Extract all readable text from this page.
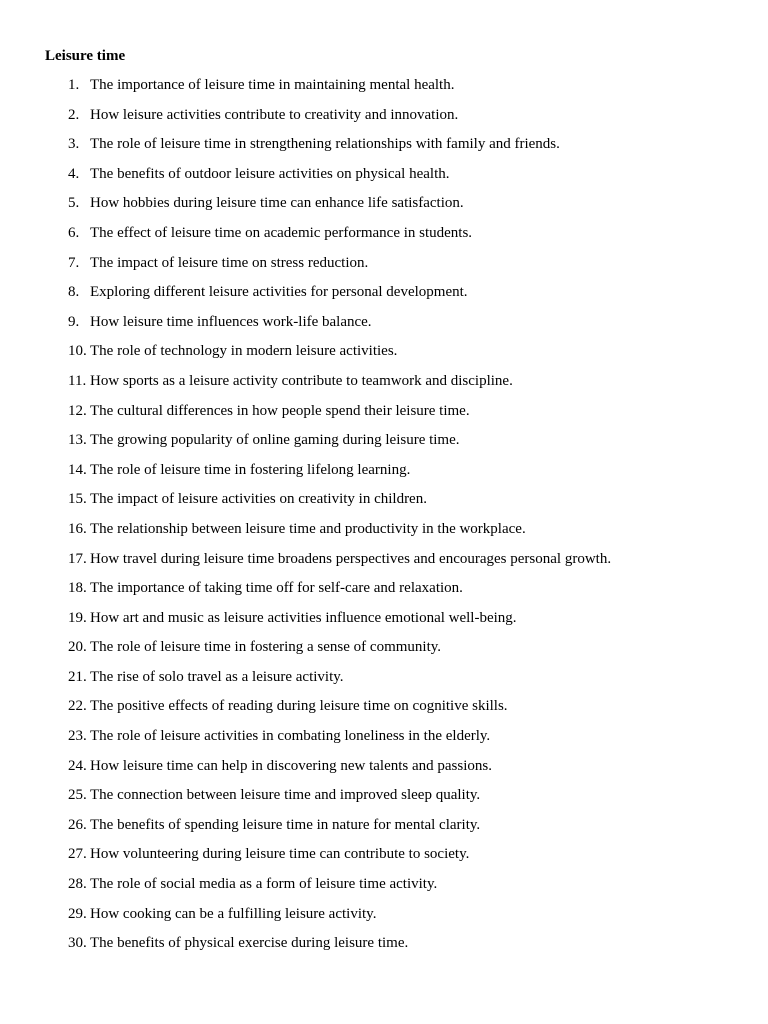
Leisure time
1. The importance of leisure time in maintaining mental health.
2. How leisure activities contribute to creativity and innovation.
3. The role of leisure time in strengthening relationships with family and friends.
4. The benefits of outdoor leisure activities on physical health.
5. How hobbies during leisure time can enhance life satisfaction.
6. The effect of leisure time on academic performance in students.
7. The impact of leisure time on stress reduction.
8. Exploring different leisure activities for personal development.
9. How leisure time influences work-life balance.
10. The role of technology in modern leisure activities.
11. How sports as a leisure activity contribute to teamwork and discipline.
12. The cultural differences in how people spend their leisure time.
13. The growing popularity of online gaming during leisure time.
14. The role of leisure time in fostering lifelong learning.
15. The impact of leisure activities on creativity in children.
16. The relationship between leisure time and productivity in the workplace.
17. How travel during leisure time broadens perspectives and encourages personal growth.
18. The importance of taking time off for self-care and relaxation.
19. How art and music as leisure activities influence emotional well-being.
20. The role of leisure time in fostering a sense of community.
21. The rise of solo travel as a leisure activity.
22. The positive effects of reading during leisure time on cognitive skills.
23. The role of leisure activities in combating loneliness in the elderly.
24. How leisure time can help in discovering new talents and passions.
25. The connection between leisure time and improved sleep quality.
26. The benefits of spending leisure time in nature for mental clarity.
27. How volunteering during leisure time can contribute to society.
28. The role of social media as a form of leisure time activity.
29. How cooking can be a fulfilling leisure activity.
30. The benefits of physical exercise during leisure time.
